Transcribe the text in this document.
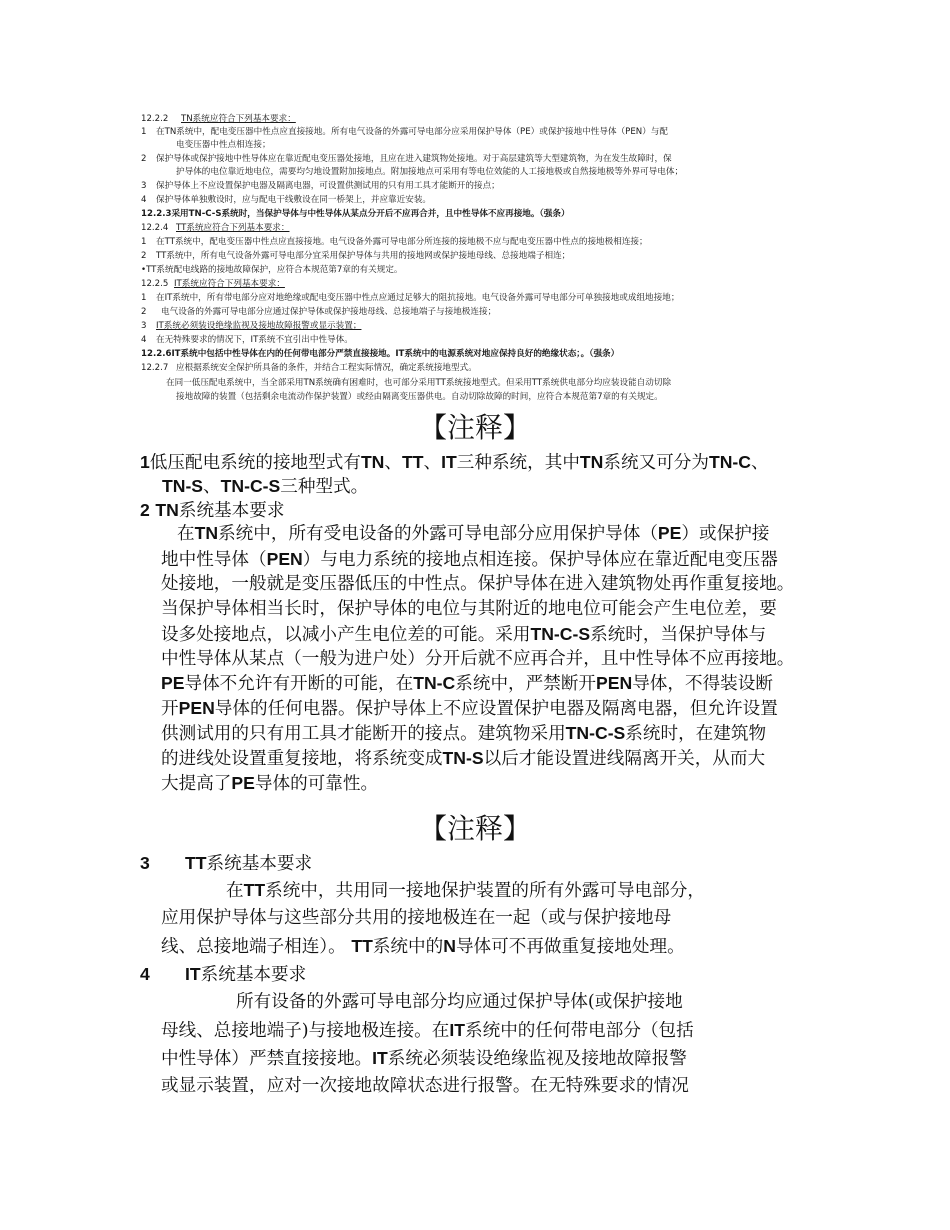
12.2.2 TN系统应符合下列基本要求：
1 在TN系统中，配电变压器中性点应直接接地。所有电气设备的外露可导电部分应采用保护导体（PE）或保护接地中性导体（PEN）与配
电变压器中性点相连接；
2 保护导体或保护接地中性导体应在靠近配电变压器处接地，且应在进入建筑物处接地。对于高层建筑等大型建筑物，为在发生故障时，保
护导体的电位靠近地电位，需要均匀地设置附加接地点。附加接地点可采用有等电位效能的人工接地极或自然接地极等外界可导电体；
3 保护导体上不应设置保护电器及隔离电器，可设置供测试用的只有用工具才能断开的接点；
4 保护导体单独敷设时，应与配电干线敷设在同一桥架上，并应靠近安装。
12.2.3采用TN-C-S系统时，当保护导体与中性导体从某点分开后不应再合并，且中性导体不应再接地。（强条）
12.2.4 TT系统应符合下列基本要求：
1 在TT系统中，配电变压器中性点应直接接地。电气设备外露可导电部分所连接的接地极不应与配电变压器中性点的接地极相连接；
2 TT系统中，所有电气设备外露可导电部分宜采用保护导体与共用的接地网或保护接地母线、总接地端子相连；
•TT系统配电线路的接地故障保护，应符合本规范第7章的有关规定。
12.2.5 IT系统应符合下列基本要求：
1 在IT系统中，所有带电部分应对地绝缘或配电变压器中性点应通过足够大的阻抗接地。电气设备外露可导电部分可单独接地或成组地接地；
2 电气设备的外露可导电部分应通过保护导体或保护接地母线、总接地端子与接地极连接；
3 IT系统必须装设绝缘监视及接地故障报警或显示装置；
4 在无特殊要求的情况下，IT系统不宜引出中性导体。
12.2.6IT系统中包括中性导体在内的任何带电部分严禁直接接地。IT系统中的电源系统对地应保持良好的绝缘状态；。（强条）
12.2.7 应根据系统安全保护所具备的条件，并结合工程实际情况，确定系统接地型式。
在同一低压配电系统中，当全部采用TN系统确有困难时，也可部分采用TT系统接地型式。但采用TT系统供电部分均应装设能自动切除
接地故障的装置（包括剩余电流动作保护装置）或经由隔离变压器供电。自动切除故障的时间，应符合本规范第7章的有关规定。
【注释】
1低压配电系统的接地型式有TN、TT、IT三种系统，其中TN系统又可分为TN-C、
TN-S、TN-C-S三种型式。
2 TN系统基本要求
在TN系统中，所有受电设备的外露可导电部分应用保护导体（PE）或保护接
地中性导体（PEN）与电力系统的接地点相连接。保护导体应在靠近配电变压器
处接地，一般就是变压器低压的中性点。保护导体在进入建筑物处再作重复接地。
当保护导体相当长时，保护导体的电位与其附近的地电位可能会产生电位差，要
设多处接地点，以减小产生电位差的可能。采用TN-C-S系统时，当保护导体与
中性导体从某点（一般为进户处）分开后就不应再合并，且中性导体不应再接地。
PE导体不允许有开断的可能，在TN-C系统中，严禁断开PEN导体，不得装设断
开PEN导体的任何电器。保护导体上不应设置保护电器及隔离电器，但允许设置
供测试用的只有用工具才能断开的接点。建筑物采用TN-C-S系统时，在建筑物
的进线处设置重复接地，将系统变成TN-S以后才能设置进线隔离开关，从而大
大提高了PE导体的可靠性。
【注释】
3　　 TT系统基本要求
在TT系统中，共用同一接地保护装置的所有外露可导电部分，
应用保护导体与这些部分共用的接地极连在一起（或与保护接地母
线、总接地端子相连）。 TT系统中的N导体可不再做重复接地处理。
4　　 IT系统基本要求
所有设备的外露可导电部分均应通过保护导体(或保护接地
母线、总接地端子)与接地极连接。在IT系统中的任何带电部分（包括
中性导体）严禁直接接地。IT系统必须装设绝缘监视及接地故障报警
或显示装置，应对一次接地故障状态进行报警。在无特殊要求的情况
